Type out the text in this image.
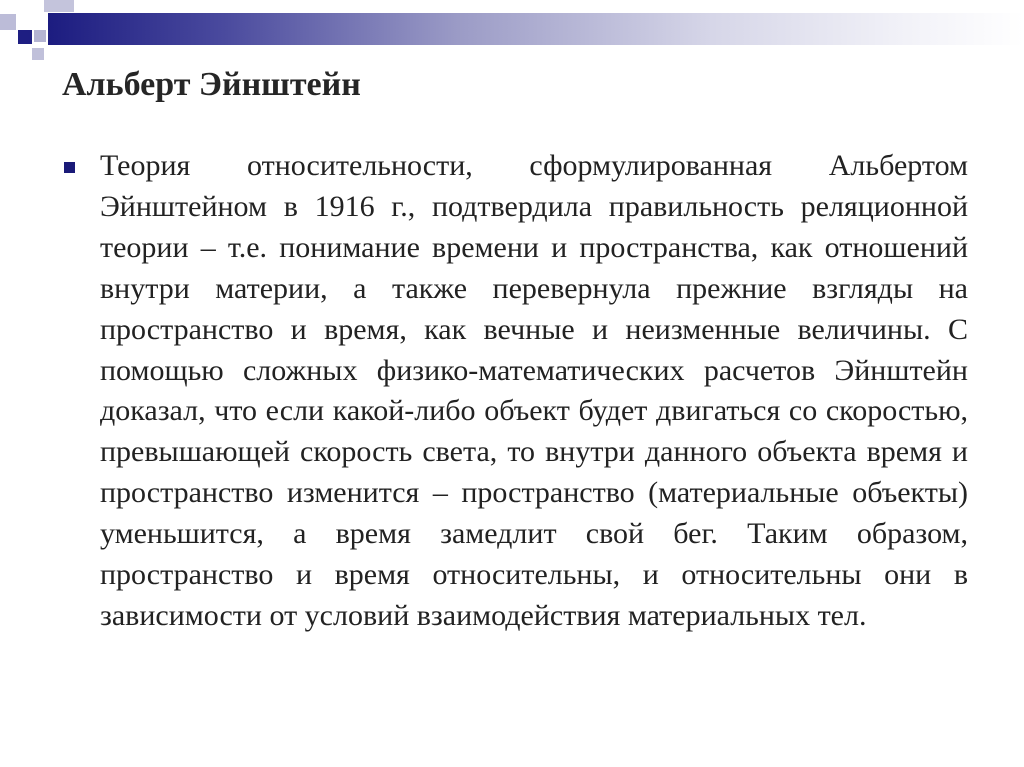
Альберт Эйнштейн

Теория относительности, сформулированная Альбертом Эйнштейном в 1916 г., подтвердила правильность реляционной теории – т.е. понимание времени и пространства, как отношений внутри материи, а также перевернула прежние взгляды на пространство и время, как вечные и неизменные величины. С помощью сложных физико-математических расчетов Эйнштейн доказал, что если какой-либо объект будет двигаться со скоростью, превышающей скорость света, то внутри данного объекта время и пространство изменится – пространство (материальные объекты) уменьшится, а время замедлит свой бег. Таким образом, пространство и время относительны, и относительны они в зависимости от условий взаимодействия материальных тел.
